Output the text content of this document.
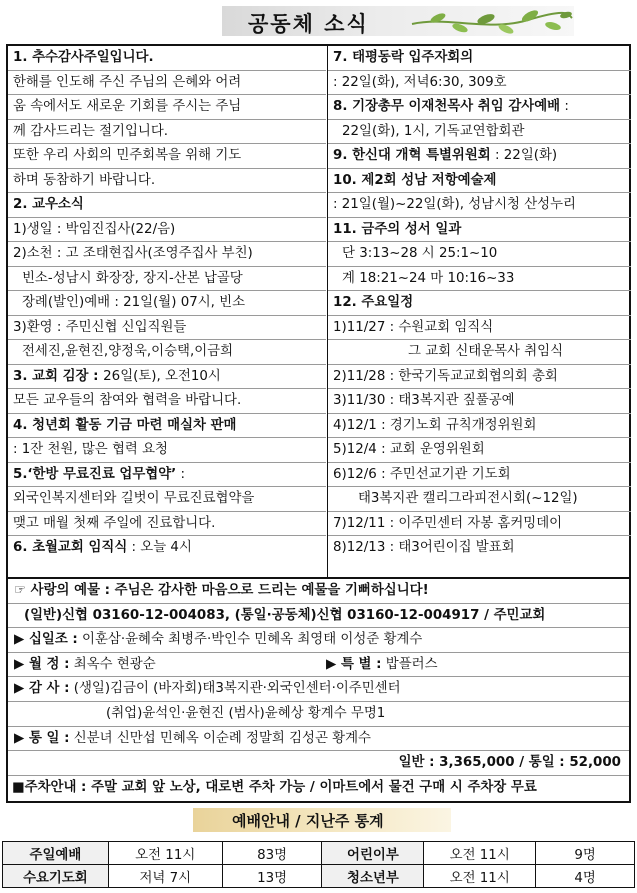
공동체 소식
1. 추수감사주일입니다.
한해를 인도해 주신 주님의 은혜와 어려
움 속에서도 새로운 기회를 주시는 주님
께 감사드리는 절기입니다.
또한 우리 사회의 민주회복을 위해 기도
하며 동참하기 바랍니다.
2. 교우소식
1)생일 : 박임진집사(22/음)
2)소천 : 고 조태현집사(조영주집사 부친)
빈소-성남시 화장장, 장지-산본 납골당
장례(발인)예배 : 21일(월) 07시, 빈소
3)환영 : 주민신협 신입직원들
전세진,윤현진,양정욱,이승택,이금희
3. 교회 김장 : 26일(토), 오전10시
모든 교우들의 참여와 협력을 바랍니다.
4. 청년회 활동 기금 마련 매실차 판매
: 1잔 천원, 많은 협력 요청
5.‘한방 무료진료 업무협약’ :
외국인복지센터와 길벗이 무료진료협약을
맺고 매월 첫째 주일에 진료합니다.
6. 초월교회 임직식 : 오늘 4시
7. 태평동락 입주자회의
: 22일(화), 저녁6:30, 309호
8. 기장총무 이재천목사 취임 감사예배 :
22일(화), 1시, 기독교연합회관
9. 한신대 개혁 특별위원회 : 22일(화)
10. 제2회 성남 저항예술제
: 21일(월)~22일(화), 성남시청 산성누리
11. 금주의 성서 일과
단 3:13~28 시 25:1~10
계 18:21~24 마 10:16~33
12. 주요일정
1)11/27 : 수원교회 임직식
그 교회 신태운목사 취임식
2)11/28 : 한국기독교교회협의회 총회
3)11/30 : 태3복지관 짚풀공예
4)12/1 : 경기노회 규칙개정위원회
5)12/4 : 교회 운영위원회
6)12/6 : 주민선교기관 기도회
태3복지관 캘리그라피전시회(~12일)
7)12/11 : 이주민센터 자봉 홈커밍데이
8)12/13 : 태3어린이집 발표회
☞ 사랑의 예물 : 주님은 감사한 마음으로 드리는 예물을 기뻐하십니다!
(일반)신협 03160-12-004083, (통일·공동체)신협 03160-12-004917 / 주민교회
▶ 십일조 : 이훈삼·윤혜숙 최병주·박인수 민혜옥 최영태 이성준 황계수
▶ 월 정 : 최옥수 현광순	▶ 특 별 : 밥플러스
▶ 감 사 : (생일)김금이 (바자회)태3복지관·외국인센터·이주민센터
(취업)윤석인·윤현진 (범사)윤혜상 황계수 무명1
▶ 통 일 : 신분녀 신만섭 민혜옥 이순례 정말희 김성곤 황계수
일반 : 3,365,000 / 통일 : 52,000
■주차안내 : 주말 교회 앞 노상, 대로변 주차 가능 / 이마트에서 물건 구매 시 주차장 무료
예배안내 / 지난주 통계
주일예배	오전 11시	83명	어린이부	오전 11시	9명
수요기도회	저녁 7시	13명	청소년부	오전 11시	4명
